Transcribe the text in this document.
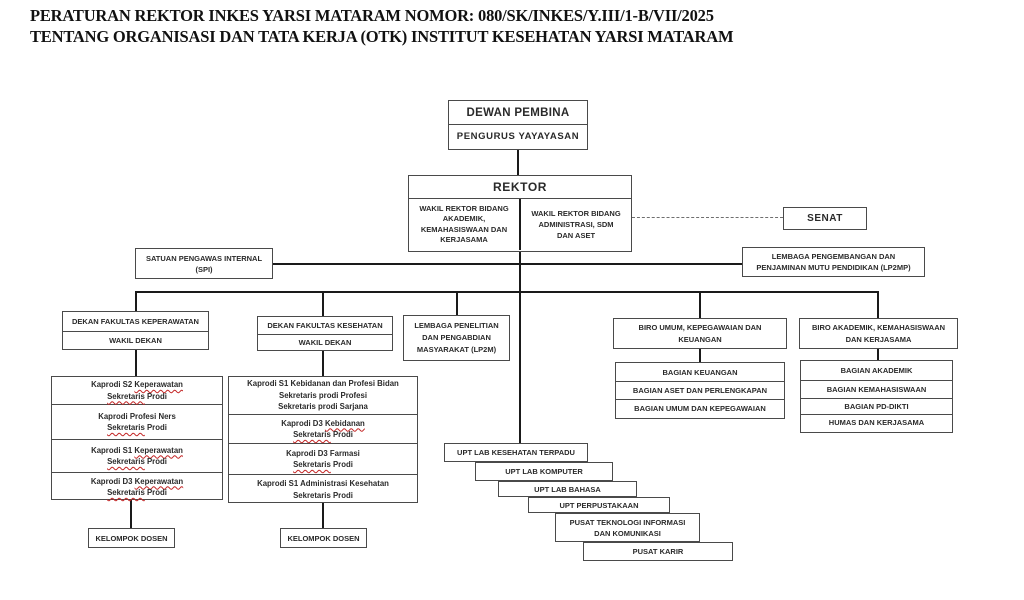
PERATURAN REKTOR INKES YARSI MATARAM NOMOR: 080/SK/INKES/Y.III/1-B/VII/2025
TENTANG ORGANISASI DAN TATA KERJA (OTK) INSTITUT KESEHATAN YARSI MATARAM
DEWAN PEMBINA
PENGURUS YAYAYASAN
REKTOR
WAKIL REKTOR BIDANG
AKADEMIK,
KEMAHASISWAAN DAN
KERJASAMA
WAKIL REKTOR BIDANG
ADMINISTRASI, SDM
DAN ASET
SENAT
SATUAN PENGAWAS INTERNAL
(SPI)
LEMBAGA PENGEMBANGAN DAN
PENJAMINAN MUTU PENDIDIKAN (LP2MP)
DEKAN FAKULTAS KEPERAWATAN
WAKIL DEKAN
DEKAN FAKULTAS KESEHATAN
WAKIL DEKAN
LEMBAGA PENELITIAN
DAN PENGABDIAN
MASYARAKAT (LP2M)
BIRO UMUM, KEPEGAWAIAN DAN
KEUANGAN
BIRO AKADEMIK, KEMAHASISWAAN
DAN KERJASAMA
Kaprodi S2 Keperawatan
Sekretaris Prodi
Kaprodi Profesi Ners
Sekretaris Prodi
Kaprodi S1 Keperawatan
Sekretaris Prodi
Kaprodi D3 Keperawatan
Sekretaris Prodi
Kaprodi S1 Kebidanan dan Profesi Bidan
Sekretaris prodi Profesi
Sekretaris prodi Sarjana
Kaprodi D3 Kebidanan
Sekretaris Prodi
Kaprodi D3 Farmasi
Sekretaris Prodi
Kaprodi S1 Administrasi Kesehatan
Sekretaris Prodi
BAGIAN KEUANGAN
BAGIAN ASET DAN PERLENGKAPAN
BAGIAN UMUM DAN KEPEGAWAIAN
BAGIAN AKADEMIK
BAGIAN KEMAHASISWAAN
BAGIAN PD-DIKTI
HUMAS DAN KERJASAMA
KELOMPOK DOSEN	KELOMPOK DOSEN
UPT LAB KESEHATAN TERPADU
UPT LAB KOMPUTER
UPT LAB BAHASA
UPT PERPUSTAKAAN
PUSAT TEKNOLOGI INFORMASI
DAN KOMUNIKASI
PUSAT KARIR
